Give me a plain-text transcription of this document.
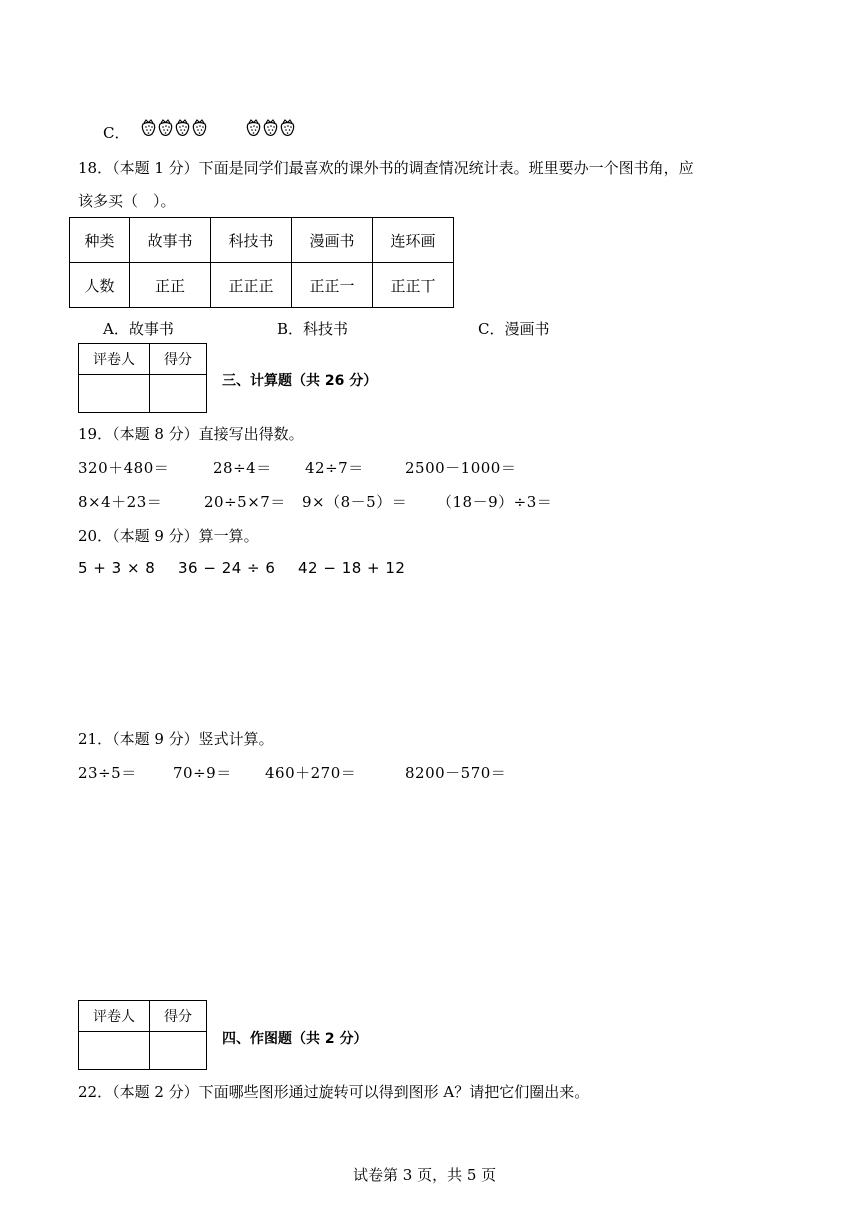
C．
18．（本题 1 分）下面是同学们最喜欢的课外书的调查情况统计表。班里要办一个图书角，应
该多买（　）。
种类	故事书	科技书	漫画书	连环画
人数	正正	正正正	正正一	正正丅
A．故事书	B．科技书	C．漫画书
评卷人	得分

三、计算题（共 26 分）
19．（本题 8 分）直接写出得数。
320＋480＝	28÷4＝ 42÷7＝	2500－1000＝
8×4＋23＝	20÷5×7＝ 9×（8－5）＝ （18－9）÷3＝
20．（本题 9 分）算一算。
5 + 3 × 8 36 − 24 ÷ 6 42 − 18 + 12
21．（本题 9 分）竖式计算。
23÷5＝ 70÷9＝ 460＋270＝	8200－570＝
评卷人	得分

四、作图题（共 2 分）
22．（本题 2 分）下面哪些图形通过旋转可以得到图形 A？请把它们圈出来。
试卷第 3 页，共 5 页
